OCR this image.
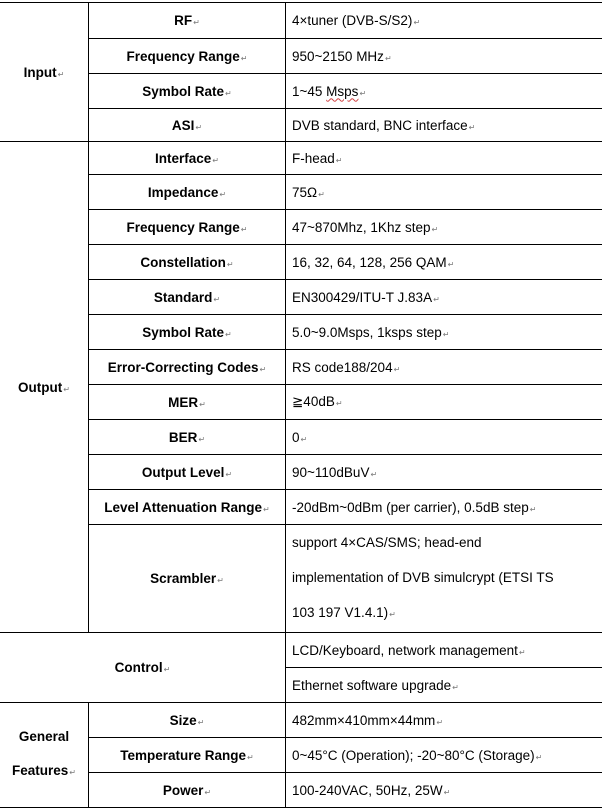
Input↵	RF↵	4×tuner (DVB-S/S2)↵
	Frequency Range↵	950~2150 MHz↵
	Symbol Rate↵	1~45 Msps↵
	ASI↵	DVB standard, BNC interface↵
Output↵	Interface↵	F-head↵
	Impedance↵	75Ω↵
	Frequency Range↵	47~870Mhz, 1Khz step↵
	Constellation↵	16, 32, 64, 128, 256 QAM↵
	Standard↵	EN300429/ITU-T J.83A↵
	Symbol Rate↵	5.0~9.0Msps, 1ksps step↵
	Error-Correcting Codes↵	RS code188/204↵
	MER↵	≧40dB↵
	BER↵	0↵
	Output Level↵	90~110dBuV↵
	Level Attenuation Range↵	-20dBm~0dBm (per carrier), 0.5dB step↵
	Scrambler↵	support 4×CAS/SMS; head-end
implementation of DVB simulcrypt (ETSI TS
103 197 V1.4.1)↵

Control↵		LCD/Keyboard, network management↵
		Ethernet software upgrade↵

General
Features↵	Size↵	482mm×410mm×44mm↵
	Temperature Range↵	0~45°C (Operation); -20~80°C (Storage)↵
	Power↵	100-240VAC, 50Hz, 25W↵
